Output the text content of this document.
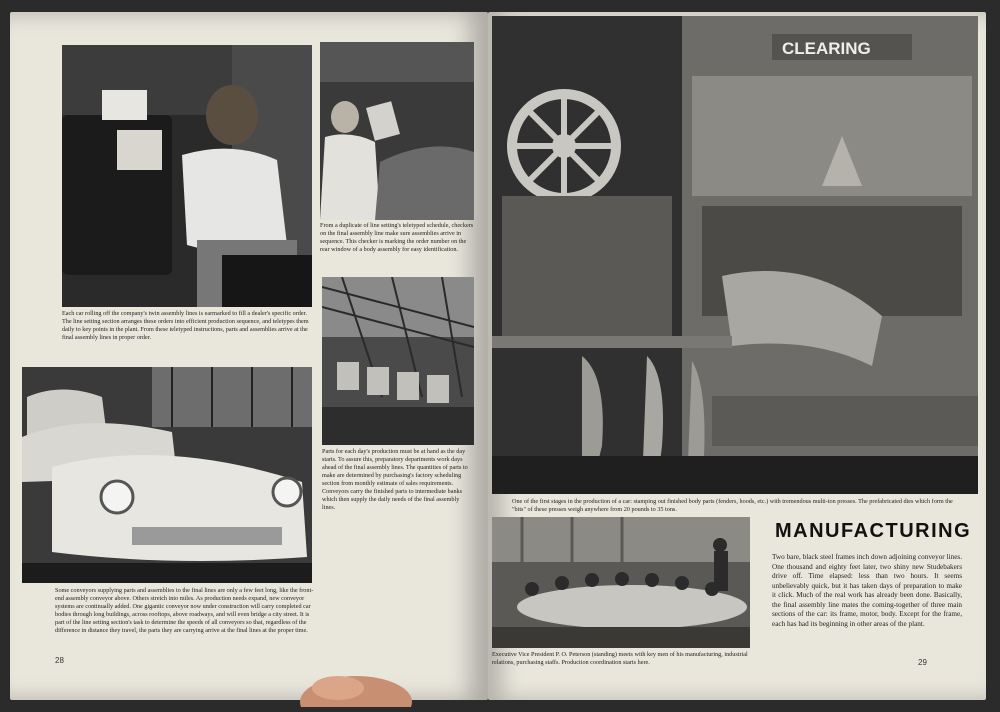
Each car rolling off the company's twin assembly lines is earmarked to fill a dealer's specific order. The line setting section arranges these orders into efficient production sequence, and teletypes them daily to key points in the plant. From these teletyped instructions, parts and assemblies arrive at the final assembly lines in proper order.
From a duplicate of line setting's teletyped schedule, checkers on the final assembly line make sure assemblies arrive in sequence. This checker is marking the order number on the rear window of a body assembly for easy identification.
Parts for each day's production must be at hand as the day starts. To assure this, preparatory departments work days ahead of the final assembly lines. The quantities of parts to make are determined by purchasing's factory scheduling section from monthly estimate of sales requirements. Conveyors carry the finished parts to intermediate banks which then supply the daily needs of the final assembly lines.
Some conveyors supplying parts and assemblies to the final lines are only a few feet long, like the front-end assembly conveyor above. Others stretch into miles. As production needs expand, new conveyor systems are continually added. One gigantic conveyor now under construction will carry completed car bodies through long buildings, across rooftops, above roadways, and will even bridge a city street. It is part of the line setting section's task to determine the speeds of all conveyors so that, regardless of the difference in distance they travel, the parts they are carrying arrive at the final lines at the proper time.
28
CLEARING
One of the first stages in the production of a car: stamping out finished body parts (fenders, hoods, etc.) with tremendous multi-ton presses. The prefabricated dies which form the "bits" of these presses weigh anywhere from 20 pounds to 35 tons.
Executive Vice President P. O. Peterson (standing) meets with key men of his manufacturing, industrial relations, purchasing staffs. Production coordination starts here.
MANUFACTURING
Two bare, black steel frames inch down adjoining conveyor lines. One thousand and eighty feet later, two shiny new Studebakers drive off. Time elapsed: less than two hours. It seems unbelievably quick, but it has taken days of preparation to make it click. Much of the real work has already been done. Basically, the final assembly line mates the coming-together of three main sections of the car: its frame, motor, body. Except for the frame, each has had its beginning in other areas of the plant.
29
